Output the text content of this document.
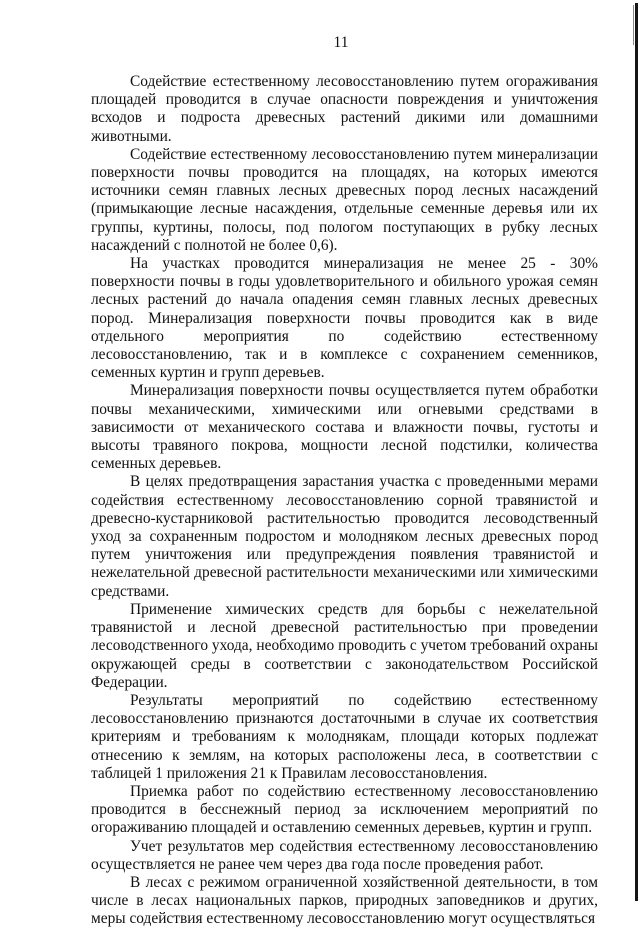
11

Содействие естественному лесовосстановлению путем огораживания площадей проводится в случае опасности повреждения и уничтожения всходов и подроста древесных растений дикими или домашними животными.

Содействие естественному лесовосстановлению путем минерализации поверхности почвы проводится на площадях, на которых имеются источники семян главных лесных древесных пород лесных насаждений (примыкающие лесные насаждения, отдельные семенные деревья или их группы, куртины, полосы, под пологом поступающих в рубку лесных насаждений с полнотой не более 0,6).

На участках проводится минерализация не менее 25 - 30% поверхности почвы в годы удовлетворительного и обильного урожая семян лесных растений до начала опадения семян главных лесных древесных пород. Минерализация поверхности почвы проводится как в виде отдельного мероприятия по содействию естественному лесовосстановлению, так и в комплексе с сохранением семенников, семенных куртин и групп деревьев.

Минерализация поверхности почвы осуществляется путем обработки почвы механическими, химическими или огневыми средствами в зависимости от механического состава и влажности почвы, густоты и высоты травяного покрова, мощности лесной подстилки, количества семенных деревьев.

В целях предотвращения зарастания участка с проведенными мерами содействия естественному лесовосстановлению сорной травянистой и древесно-кустарниковой растительностью проводится лесоводственный уход за сохраненным подростом и молодняком лесных древесных пород путем уничтожения или предупреждения появления травянистой и нежелательной древесной растительности механическими или химическими средствами.

Применение химических средств для борьбы с нежелательной травянистой и лесной древесной растительностью при проведении лесоводственного ухода, необходимо проводить с учетом требований охраны окружающей среды в соответствии с законодательством Российской Федерации.

Результаты мероприятий по содействию естественному лесовосстановлению признаются достаточными в случае их соответствия критериям и требованиям к молоднякам, площади которых подлежат отнесению к землям, на которых расположены леса, в соответствии с таблицей 1 приложения 21 к Правилам лесовосстановления.

Приемка работ по содействию естественному лесовосстановлению проводится в бесснежный период за исключением мероприятий по огораживанию площадей и оставлению семенных деревьев, куртин и групп.

Учет результатов мер содействия естественному лесовосстановлению осуществляется не ранее чем через два года после проведения работ.

В лесах с режимом ограниченной хозяйственной деятельности, в том числе в лесах национальных парков, природных заповедников и других, меры содействия естественному лесовосстановлению могут осуществляться
